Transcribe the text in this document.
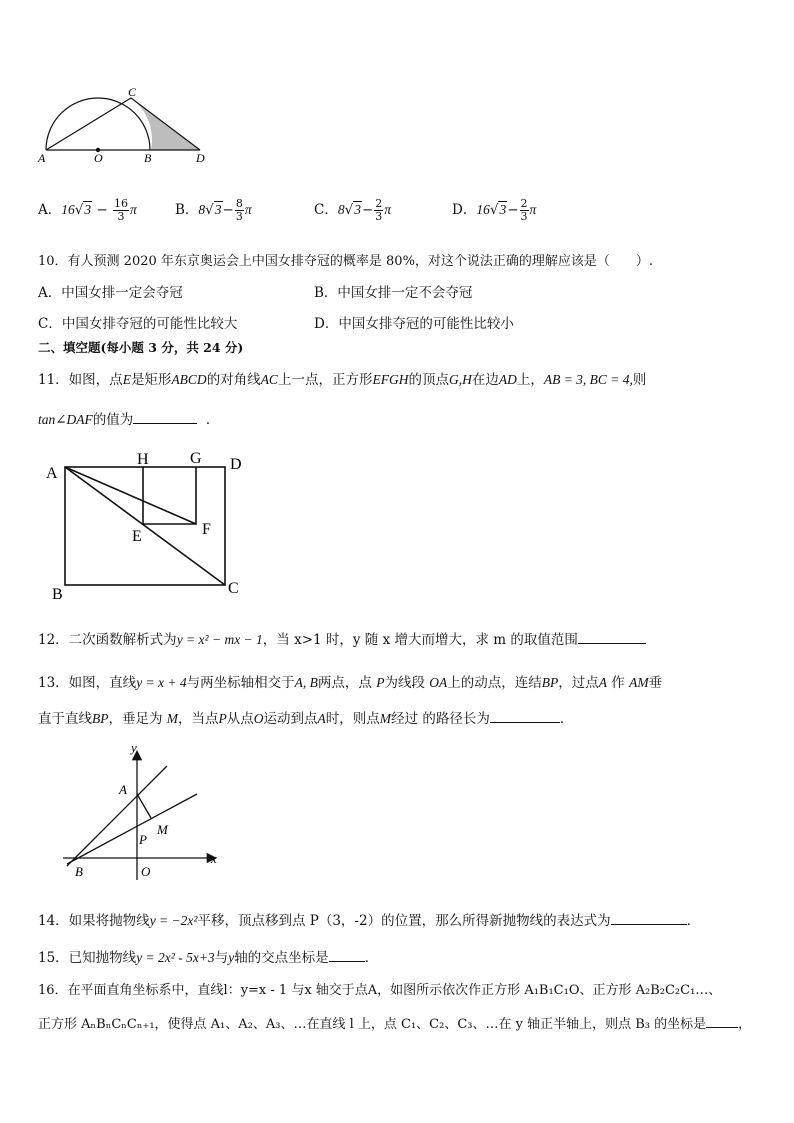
A	O	B
C
D
A．$16√3 - \frac{16}{3}$ π	B．$8√3- \frac{8}{3}$ π	C．$8√3- \frac{2}{3}$ π	D．$16√3- \frac{2}{3}$ π
10．有人预测 2020 年东京奥运会上中国女排夺冠的概率是 80%，对这个说法正确的理解应该是（　　）.
A．中国女排一定会夺冠	B．中国女排一定不会夺冠
C．中国女排夺冠的可能性比较大	D．中国女排夺冠的可能性比较小
二、填空题(每小题 3 分，共 24 分)
11．如图，点E是矩形ABCD的对角线AC上一点，正方形EFGH的顶点G,H在边AD上，AB = 3, BC = 4,则
tan∠DAF的值为	．
A
H	G D
E	F
B	C
12．二次函数解析式为y = x² − mx − 1，当 x>1 时，y 随 x 增大而增大，求 m 的取值范围
13．如图，直线y = x + 4与两坐标轴相交于A, B两点，点 P为线段 OA上的动点，连结BP，过点A 作 AM垂
直于直线BP，垂足为 M，当点P从点O运动到点A时，则点M经过 的路径长为	．
y
A
M
P
x
B	O
14．如果将抛物线y = −2x²平移，顶点移到点 P（3，-2）的位置，那么所得新抛物线的表达式为	．
15．已知抛物线y = 2x² - 5x+3与y轴的交点坐标是	．
16．在平面直角坐标系中，直线l：y=x - 1 与x 轴交于点A，如图所示依次作正方形 A₁B₁C₁O、正方形 A₂B₂C₂C₁…、
正方形 AₙBₙCₙCₙ₊₁，使得点 A₁、A₂、A₃、…在直线 l 上，点 C₁、C₂、C₃、…在 y 轴正半轴上，则点 B₃ 的坐标是 ，
